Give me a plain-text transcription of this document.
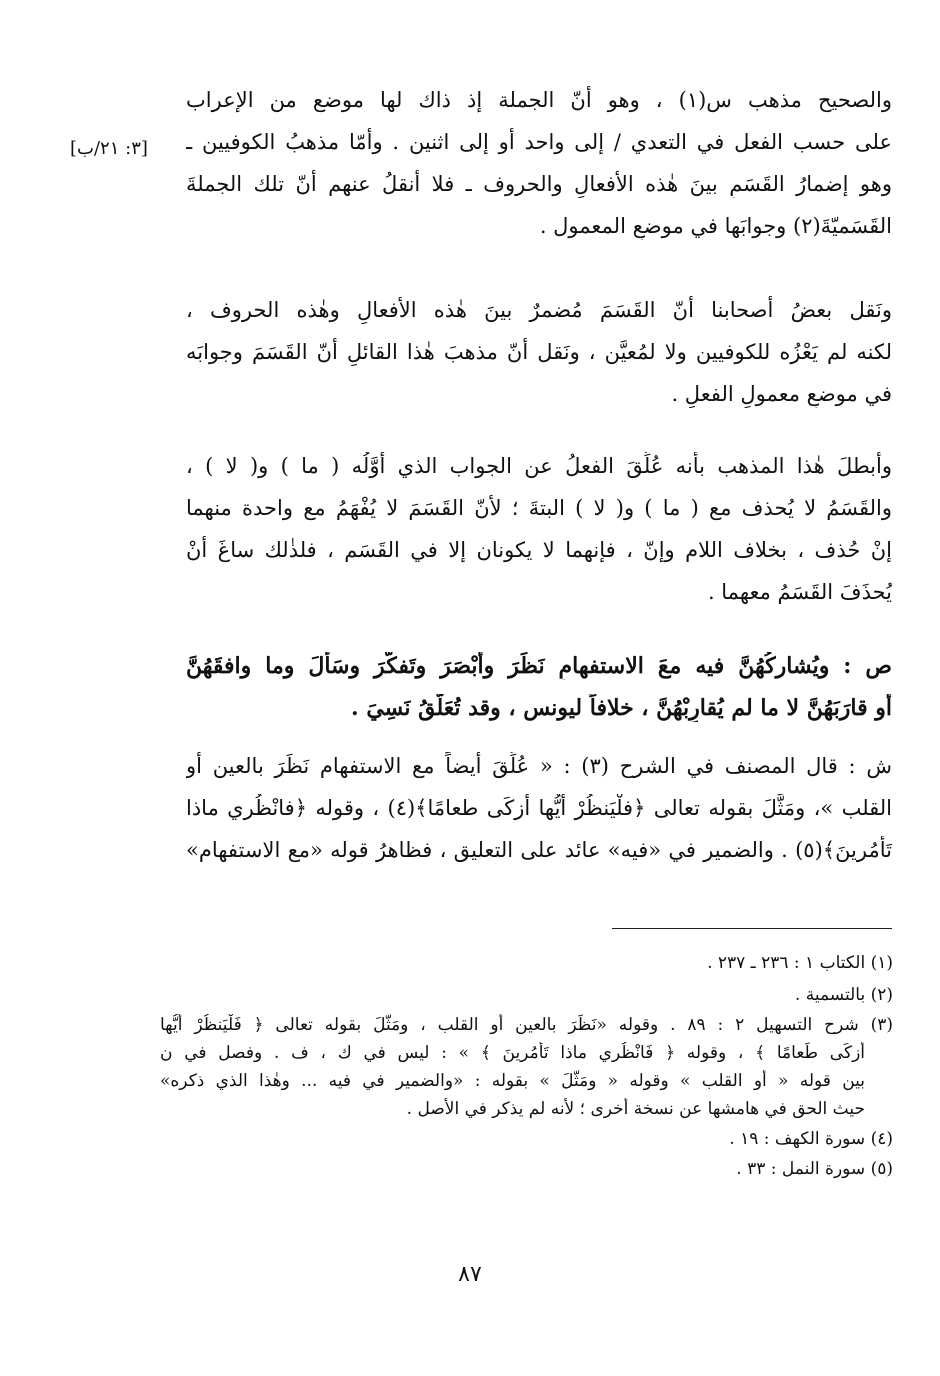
[٣: ٢١/ب]

والصحيح مذهب س(١) ، وهو أنّ الجملة إذ ذاك لها موضع من الإعراب

على حسب الفعل في التعدي / إلى واحد أو إلى اثنين . وأمّا مذهبُ الكوفيين ـ

وهو إضمارُ القَسَمِ بينَ هٰذه الأفعالِ والحروف ـ فلا أنقلُ عنهم أنّ تلك الجملةَ

القَسَميّةَ(٢) وجوابَها في موضعِ المعمول .

ونَقل بعضُ أصحابنا أنّ القَسَمَ مُضمرٌ بينَ هٰذه الأفعالِ وهٰذه الحروف ،

لكنه لم يَعْزُه للكوفيين ولا لمُعيَّن ، ونَقل أنّ مذهبَ هٰذا القائلِ أنّ القَسَمَ وجوابَه

في موضعِ معمولِ الفعلِ .

وأبطلَ هٰذا المذهب بأنه عُلِّقَ الفعلُ عن الجواب الذي أوَّلُه ( ما ) و( لا ) ،

والقَسَمُ لا يُحذف مع ( ما ) و( لا ) البتةَ ؛ لأنّ القَسَمَ لا يُفْهَمُ مع واحدة منهما

إنْ حُذف ، بخلاف اللام وإنّ ، فإنهما لا يكونان إلا في القَسَم ، فلذٰلك ساغَ أنْ

يُحذَفَ القَسَمُ معهما .

ص : ويُشاركُهُنَّ فيه معَ الاستفهامِ نَظَرَ وأبْصَرَ وتَفكَّرَ وسَأَلَ وما وافقَهُنَّ

أو قارَبَهُنَّ لا ما لم يُقارِبْهُنَّ ، خلافاً ليونس ، وقد تُعَلَّقُ نَسِيَ .

ش : قال المصنف في الشرح (٣) : « عُلِّقَ أيضاً مع الاستفهام نَظَرَ بالعين أو

القلب »، ومَثَّلَ بقوله تعالى ﴿فلْيَنظُرْ أيُّها أزكَى طعامًا﴾(٤) ، وقوله ﴿فانْظُري ماذا

تَأْمُرينَ﴾(٥) . والضمير في «فيه» عائد على التعليق ، فظاهرُ قوله «مع الاستفهام»

(١) الكتاب ١ : ٢٣٦ ـ ٢٣٧ .

(٢) بالتسمية .

(٣) شرح التسهيل ٢ : ٨٩ . وقوله «نَظَرَ بالعين أو القلب ، ومَثَّلَ بقوله تعالى ﴿ فَلْيَنظُرْ أيُّها

أزكَى طَعامًا ﴾ ، وقوله ﴿ فَانْظُري ماذا تَأْمُرينَ ﴾ » : ليس في ك ، ف . وفصل في ن

بين قوله « أو القلب » وقوله « ومَثَّلَ » بقوله : «والضمير في فيه ... وهٰذا الذي ذكره»

حيث الحق في هامشها عن نسخة أخرى ؛ لأنه لم يذكر في الأصل .

(٤) سورة الكهف : ١٩ .

(٥) سورة النمل : ٣٣ .

٨٧
